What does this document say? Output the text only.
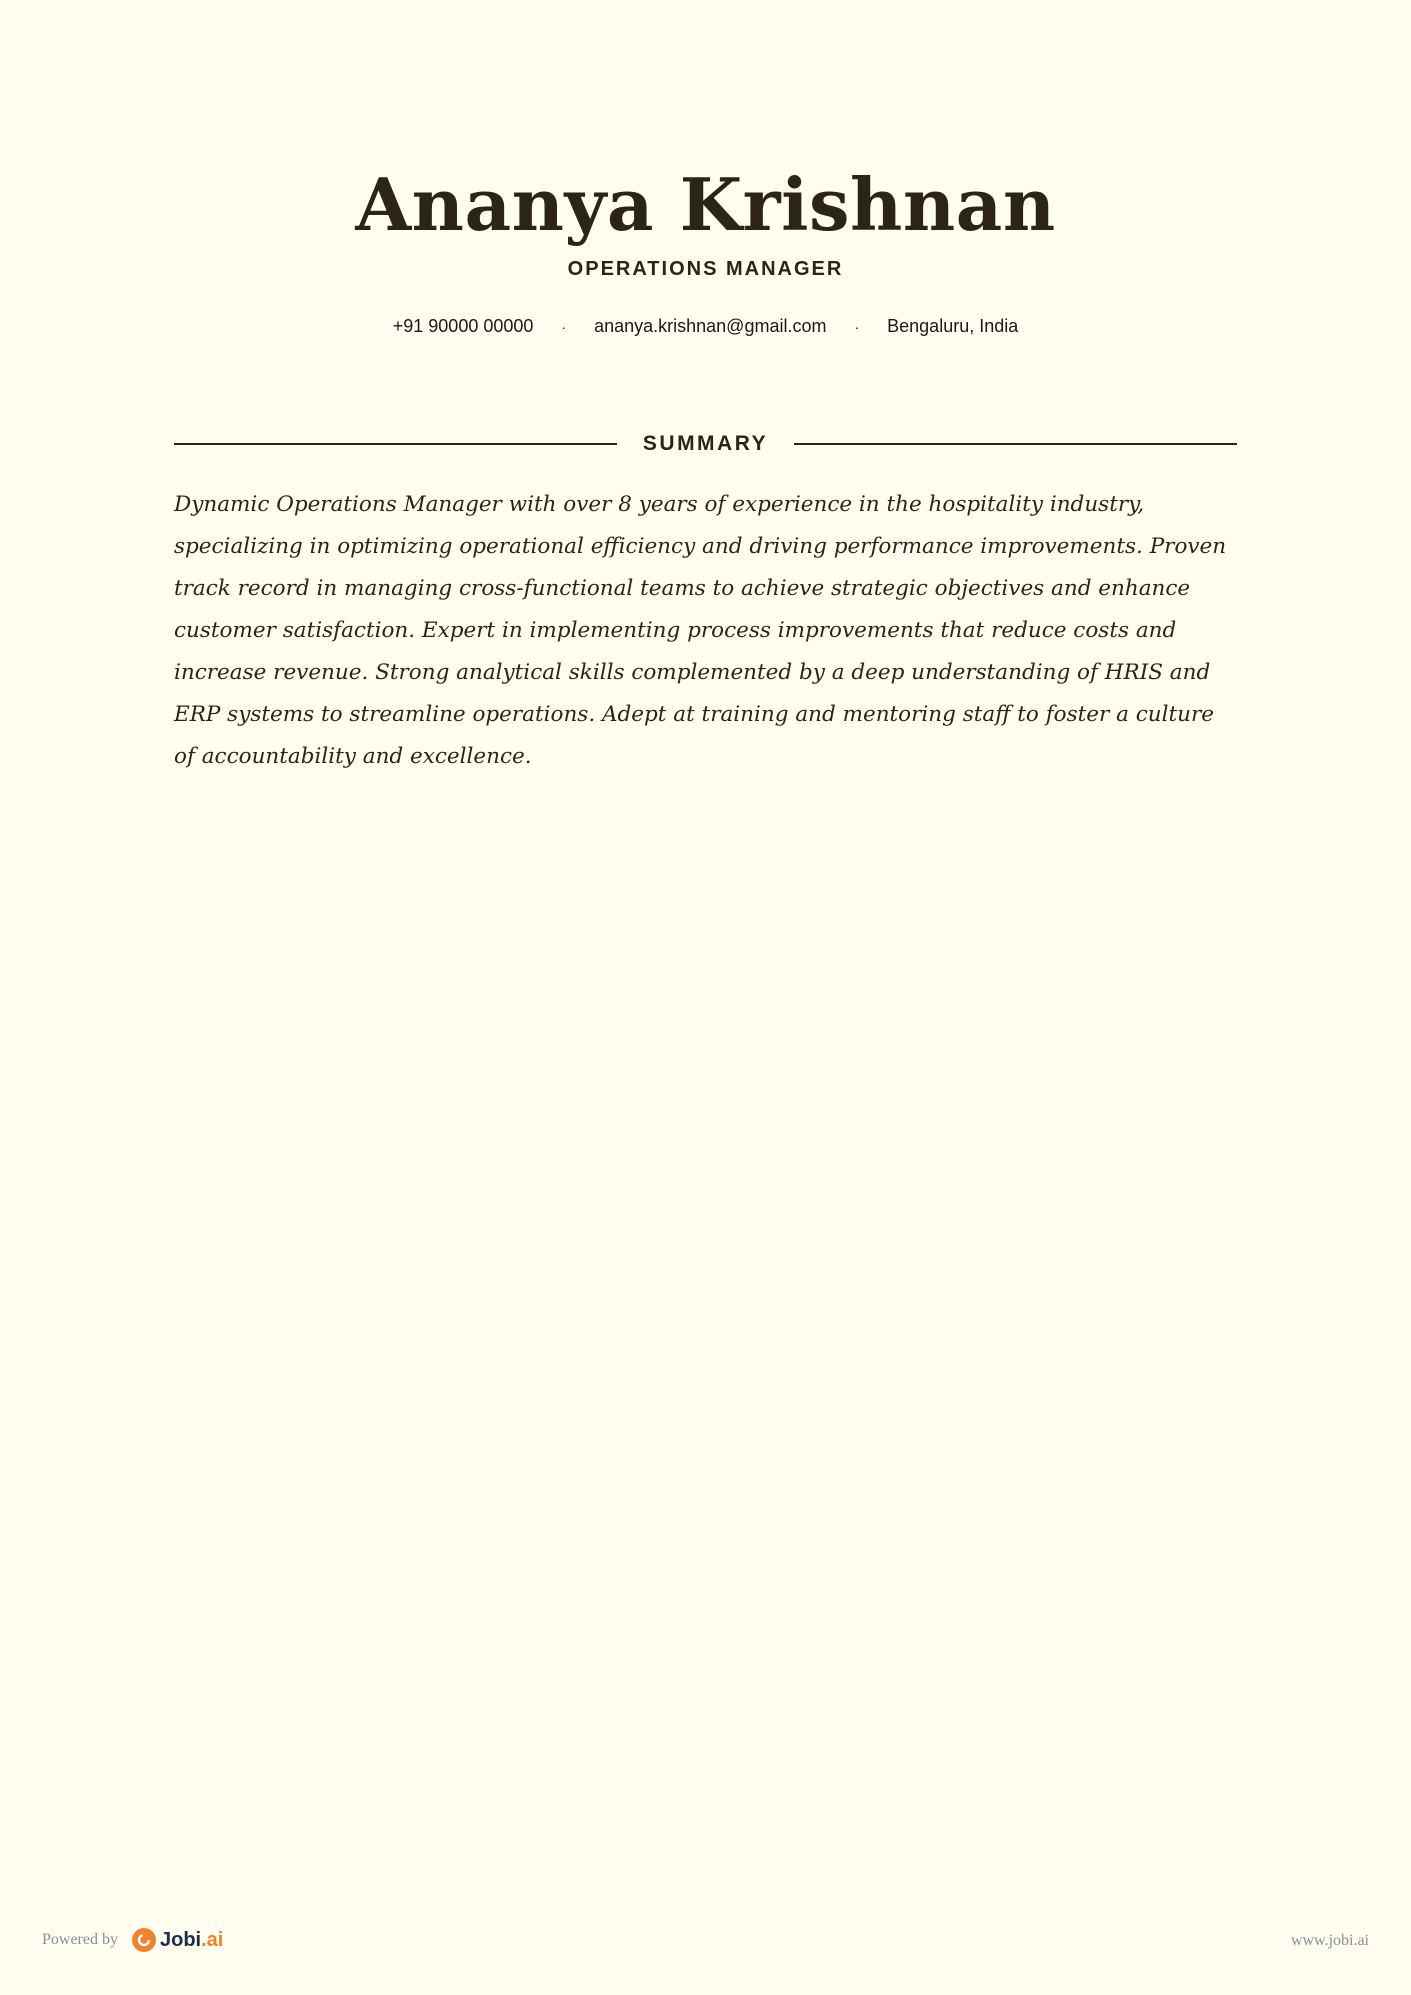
Ananya Krishnan
OPERATIONS MANAGER
+91 90000 00000 · ananya.krishnan@gmail.com · Bengaluru, India
SUMMARY

Dynamic Operations Manager with over 8 years of experience in the hospitality industry, specializing in optimizing operational efficiency and driving performance improvements. Proven track record in managing cross-functional teams to achieve strategic objectives and enhance customer satisfaction. Expert in implementing process improvements that reduce costs and increase revenue. Strong analytical skills complemented by a deep understanding of HRIS and ERP systems to streamline operations. Adept at training and mentoring staff to foster a culture of accountability and excellence.

Powered by Jobi.ai	www.jobi.ai
